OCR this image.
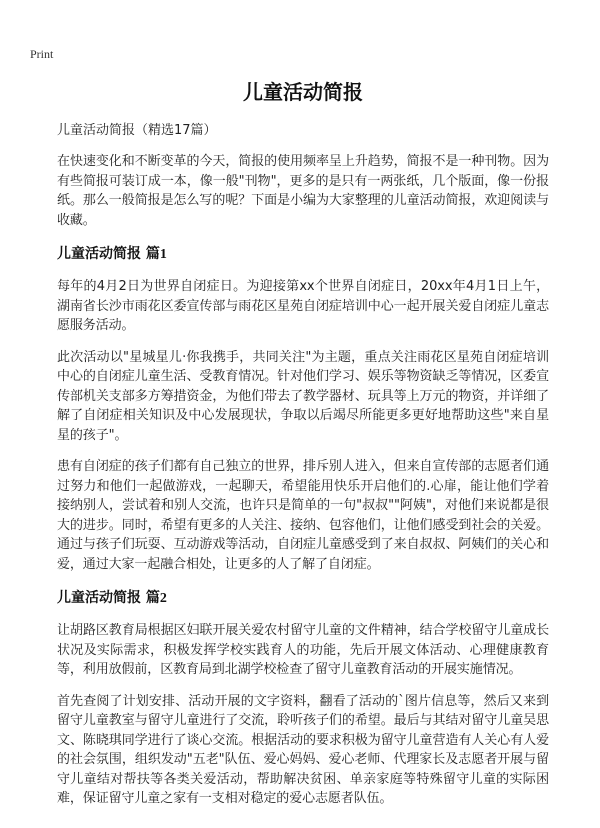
Print
儿童活动简报

儿童活动简报（精选17篇）

在快速变化和不断变革的今天，简报的使用频率呈上升趋势，简报不是一种刊物。因为有些简报可装订成一本，像一般"刊物"，更多的是只有一两张纸，几个版面，像一份报纸。那么一般简报是怎么写的呢？下面是小编为大家整理的儿童活动简报，欢迎阅读与收藏。

儿童活动简报 篇1

每年的4月2日为世界自闭症日。为迎接第xx个世界自闭症日，20xx年4月1日上午，湖南省长沙市雨花区委宣传部与雨花区星苑自闭症培训中心一起开展关爱自闭症儿童志愿服务活动。

此次活动以"星城星儿·你我携手，共同关注"为主题，重点关注雨花区星苑自闭症培训中心的自闭症儿童生活、受教育情况。针对他们学习、娱乐等物资缺乏等情况，区委宣传部机关支部多方筹措资金，为他们带去了教学器材、玩具等上万元的物资，并详细了解了自闭症相关知识及中心发展现状，争取以后竭尽所能更多更好地帮助这些"来自星星的孩子"。

患有自闭症的孩子们都有自己独立的世界，排斥别人进入，但来自宣传部的志愿者们通过努力和他们一起做游戏，一起聊天，希望能用快乐开启他们的.心扉，能让他们学着接纳别人，尝试着和别人交流，也许只是简单的一句"叔叔""阿姨"，对他们来说都是很大的进步。同时，希望有更多的人关注、接纳、包容他们，让他们感受到社会的关爱。通过与孩子们玩耍、互动游戏等活动，自闭症儿童感受到了来自叔叔、阿姨们的关心和爱，通过大家一起融合相处，让更多的人了解了自闭症。

儿童活动简报 篇2

让胡路区教育局根据区妇联开展关爱农村留守儿童的文件精神，结合学校留守儿童成长状况及实际需求，积极发挥学校实践育人的功能，先后开展文体活动、心理健康教育等，利用放假前，区教育局到北湖学校检查了留守儿童教育活动的开展实施情况。

首先查阅了计划安排、活动开展的文字资料，翻看了活动的`图片信息等，然后又来到留守儿童教室与留守儿童进行了交流，聆听孩子们的希望。最后与其结对留守儿童吴思文、陈晓琪同学进行了谈心交流。根据活动的要求积极为留守儿童营造有人关心有人爱的社会氛围，组织发动"五老"队伍、爱心妈妈、爱心老师、代理家长及志愿者开展与留守儿童结对帮扶等各类关爱活动，帮助解决贫困、单亲家庭等特殊留守儿童的实际困难，保证留守儿童之家有一支相对稳定的爱心志愿者队伍。
